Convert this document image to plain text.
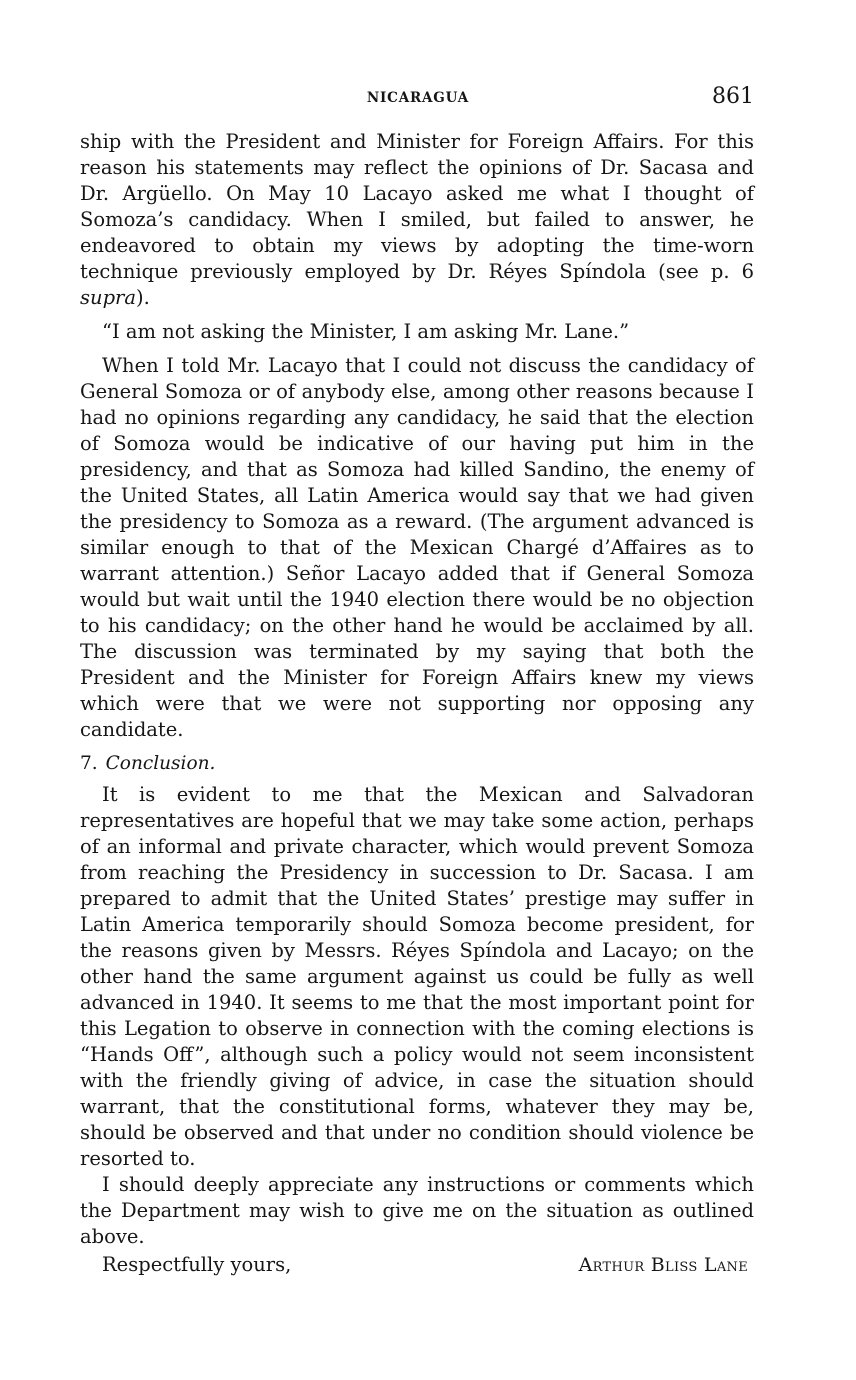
NICARAGUA	861

ship with the President and Minister for Foreign Affairs. For this reason his statements may reflect the opinions of Dr. Sacasa and Dr. Argüello. On May 10 Lacayo asked me what I thought of Somoza’s candidacy. When I smiled, but failed to answer, he endeavored to obtain my views by adopting the time-worn technique previously employed by Dr. Réyes Spíndola (see p. 6 supra).

“I am not asking the Minister, I am asking Mr. Lane.”

When I told Mr. Lacayo that I could not discuss the candidacy of General Somoza or of anybody else, among other reasons because I had no opinions regarding any candidacy, he said that the election of Somoza would be indicative of our having put him in the presidency, and that as Somoza had killed Sandino, the enemy of the United States, all Latin America would say that we had given the presidency to Somoza as a reward. (The argument advanced is similar enough to that of the Mexican Chargé d’Affaires as to warrant attention.) Señor Lacayo added that if General Somoza would but wait until the 1940 election there would be no objection to his candidacy; on the other hand he would be acclaimed by all. The discussion was terminated by my saying that both the President and the Minister for Foreign Affairs knew my views which were that we were not supporting nor opposing any candidate.

7. Conclusion.

It is evident to me that the Mexican and Salvadoran representatives are hopeful that we may take some action, perhaps of an informal and private character, which would prevent Somoza from reaching the Presidency in succession to Dr. Sacasa. I am prepared to admit that the United States’ prestige may suffer in Latin America temporarily should Somoza become president, for the reasons given by Messrs. Réyes Spíndola and Lacayo; on the other hand the same argument against us could be fully as well advanced in 1940. It seems to me that the most important point for this Legation to observe in connection with the coming elections is “Hands Off”, although such a policy would not seem inconsistent with the friendly giving of advice, in case the situation should warrant, that the constitutional forms, whatever they may be, should be observed and that under no condition should violence be resorted to.

I should deeply appreciate any instructions or comments which the Department may wish to give me on the situation as outlined above.

Respectfully yours,	Arthur Bliss Lane
